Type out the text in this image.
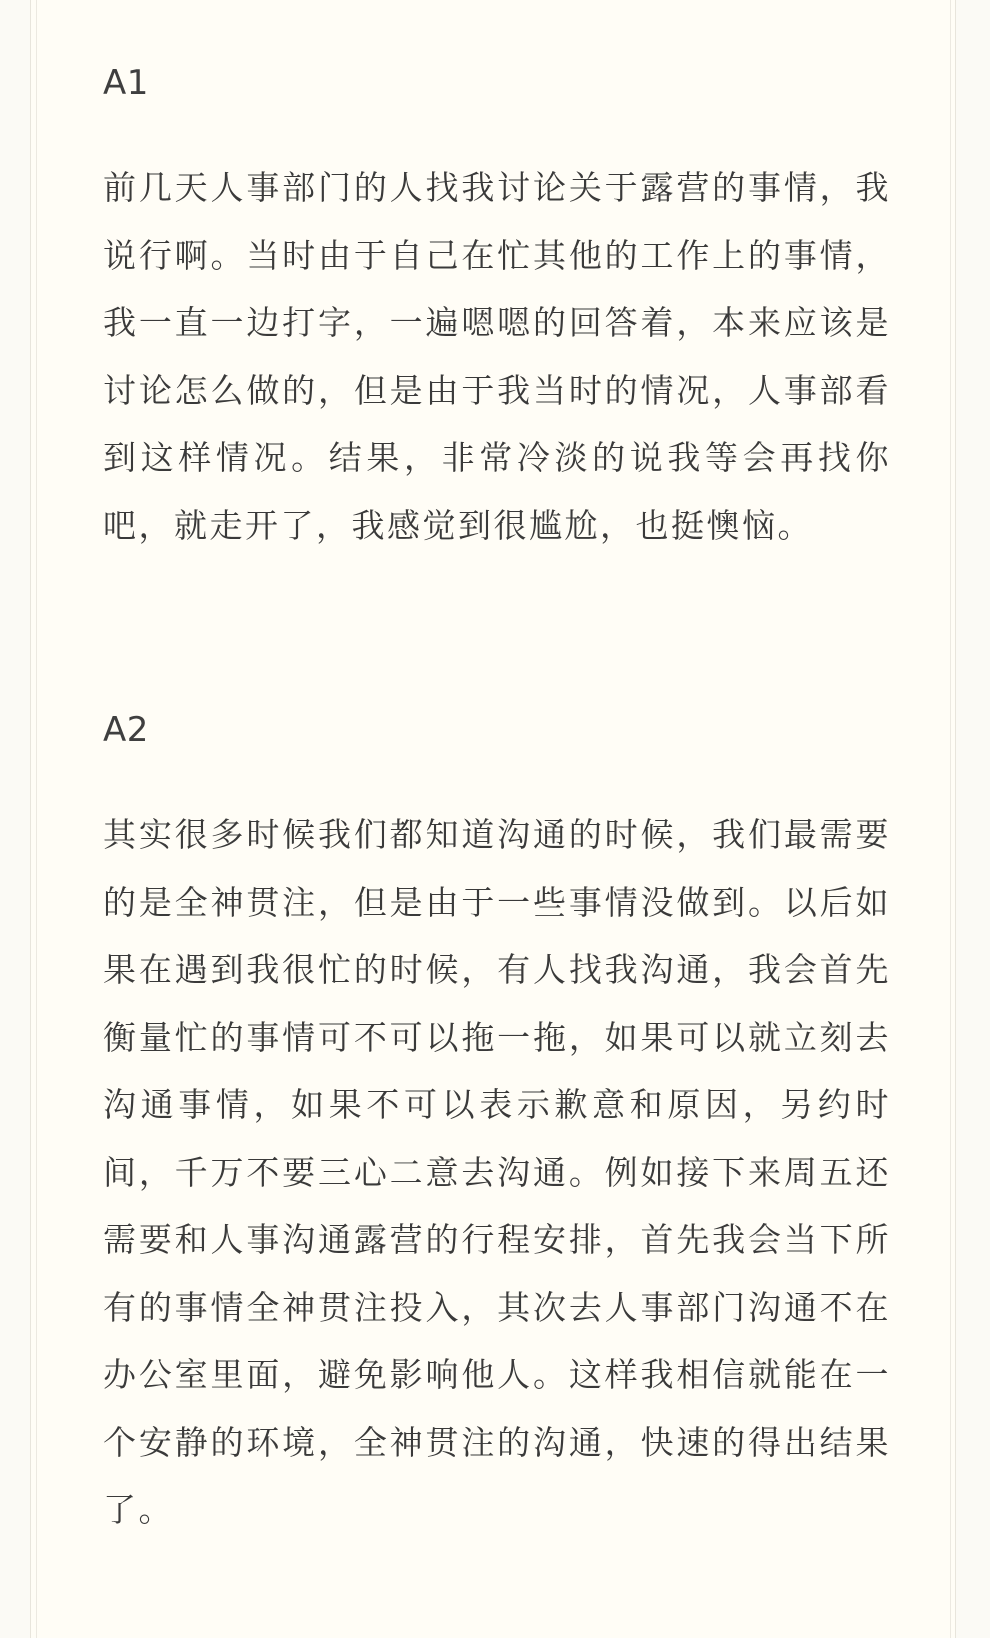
A1

前几天人事部门的人找我讨论关于露营的事情，我说行啊。当时由于自己在忙其他的工作上的事情，我一直一边打字，一遍嗯嗯的回答着，本来应该是讨论怎么做的，但是由于我当时的情况，人事部看到这样情况。结果，非常冷淡的说我等会再找你吧，就走开了，我感觉到很尴尬，也挺懊恼。

A2

其实很多时候我们都知道沟通的时候，我们最需要的是全神贯注，但是由于一些事情没做到。以后如果在遇到我很忙的时候，有人找我沟通，我会首先衡量忙的事情可不可以拖一拖，如果可以就立刻去沟通事情，如果不可以表示歉意和原因，另约时间，千万不要三心二意去沟通。例如接下来周五还需要和人事沟通露营的行程安排，首先我会当下所有的事情全神贯注投入，其次去人事部门沟通不在办公室里面，避免影响他人。这样我相信就能在一个安静的环境，全神贯注的沟通，快速的得出结果了。
